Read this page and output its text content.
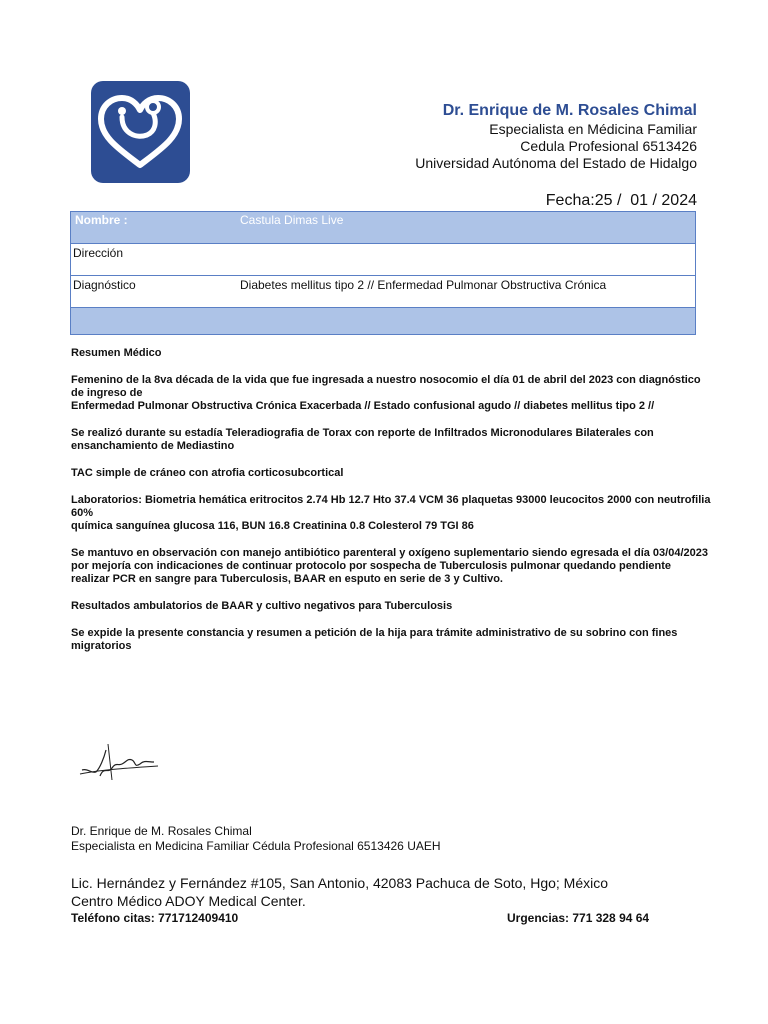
Dr. Enrique de M. Rosales Chimal
Especialista en Médicina Familiar
Cedula Profesional 6513426
Universidad Autónoma del Estado de Hidalgo
Fecha:25 /  01 / 2024
Nombre :	Castula Dimas Live
Dirección
Diagnóstico	Diabetes mellitus tipo 2 // Enfermedad Pulmonar Obstructiva Crónica

Resumen Médico

Femenino de la 8va década de la vida que fue ingresada a nuestro nosocomio el día 01 de abril del 2023 con diagnóstico de ingreso de
Enfermedad Pulmonar Obstructiva Crónica Exacerbada // Estado confusional agudo // diabetes mellitus tipo 2 //

Se realizó durante su estadía Teleradiografia de Torax con reporte de Infiltrados Micronodulares Bilaterales con ensanchamiento de Mediastino

TAC simple de cráneo con atrofia corticosubcortical

Laboratorios: Biometria hemática eritrocitos 2.74 Hb 12.7 Hto 37.4 VCM 36 plaquetas 93000 leucocitos 2000 con neutrofilia 60%
química sanguínea glucosa 116, BUN 16.8 Creatinina 0.8 Colesterol 79 TGI 86

Se mantuvo en observación con manejo antibiótico parenteral y oxígeno suplementario siendo egresada el día 03/04/2023 por mejoría con indicaciones de continuar protocolo por sospecha de Tuberculosis pulmonar quedando pendiente realizar PCR en sangre para Tuberculosis, BAAR en esputo en serie de 3 y Cultivo.

Resultados ambulatorios de BAAR y cultivo negativos para Tuberculosis

Se expide la presente constancia y resumen a petición de la hija para trámite administrativo de su sobrino con fines migratorios

Dr. Enrique de M. Rosales Chimal
Especialista en Medicina Familiar Cédula Profesional 6513426 UAEH
Lic. Hernández y Fernández #105, San Antonio, 42083 Pachuca de Soto, Hgo; México
Centro Médico ADOY Medical Center.
Teléfono citas: 771712409410	Urgencias: 771 328 94 64
